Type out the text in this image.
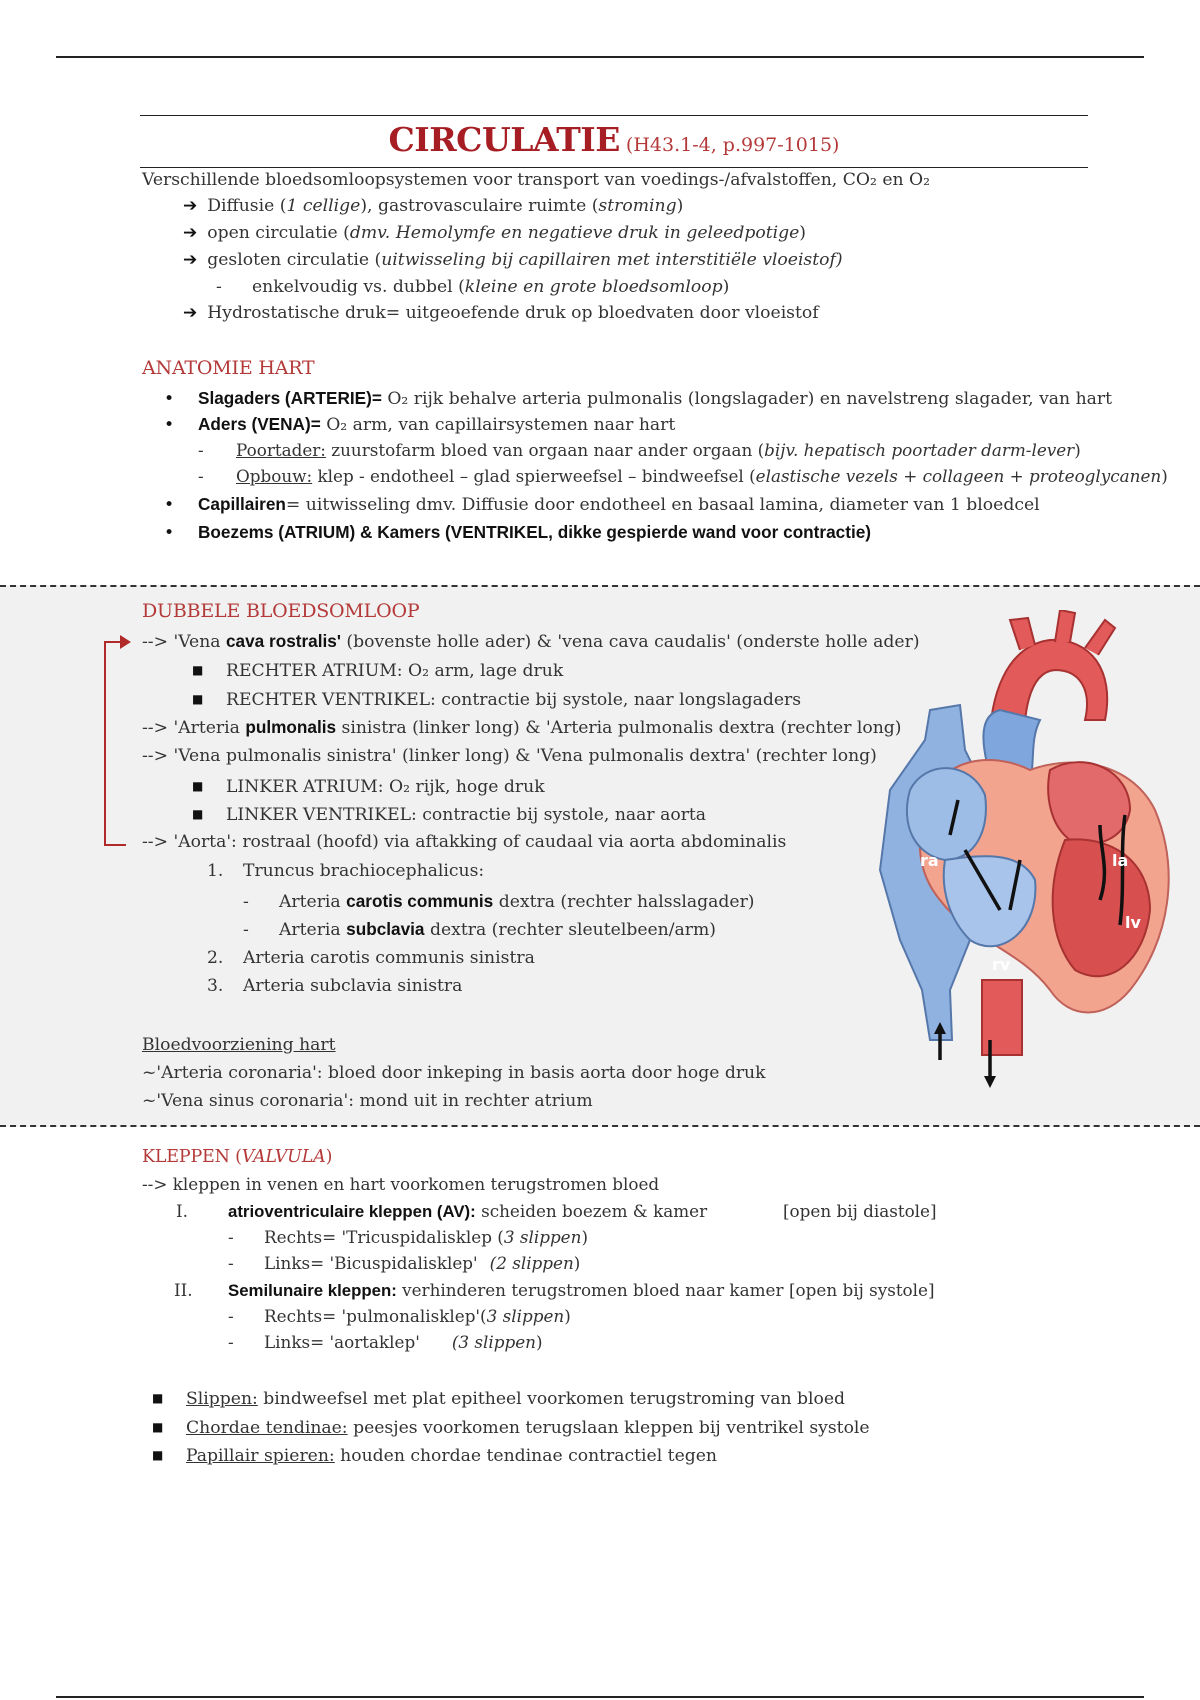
CIRCULATIE (H43.1-4, p.997-1015)
Verschillende bloedsomloopsystemen voor transport van voedings-/afvalstoffen, CO₂ en O₂
➔ Diffusie (1 cellige), gastrovasculaire ruimte (stroming)
➔ open circulatie (dmv. Hemolymfe en negatieve druk in geleedpotige)
➔ gesloten circulatie (uitwisseling bij capillairen met interstitiële vloeistof)
- enkelvoudig vs. dubbel (kleine en grote bloedsomloop)
➔ Hydrostatische druk= uitgeoefende druk op bloedvaten door vloeistof
ANATOMIE HART
• Slagaders (ARTERIE)= O₂ rijk behalve arteria pulmonalis (longslagader) en navelstreng slagader, van hart
• Aders (VENA)= O₂ arm, van capillairsystemen naar hart
- Poortader: zuurstofarm bloed van orgaan naar ander orgaan (bijv. hepatisch poortader darm-lever)
- Opbouw: klep - endotheel – glad spierweefsel – bindweefsel (elastische vezels + collageen + proteoglycanen)
• Capillairen= uitwisseling dmv. Diffusie door endotheel en basaal lamina, diameter van 1 bloedcel
• Boezems (ATRIUM) & Kamers (VENTRIKEL, dikke gespierde wand voor contractie)
DUBBELE BLOEDSOMLOOP
--> 'Vena cava rostralis' (bovenste holle ader) & 'vena cava caudalis' (onderste holle ader)
■ RECHTER ATRIUM: O₂ arm, lage druk
■ RECHTER VENTRIKEL: contractie bij systole, naar longslagaders
--> 'Arteria pulmonalis sinistra (linker long) & 'Arteria pulmonalis dextra (rechter long)
--> 'Vena pulmonalis sinistra' (linker long) & 'Vena pulmonalis dextra' (rechter long)
■ LINKER ATRIUM: O₂ rijk, hoge druk
■ LINKER VENTRIKEL: contractie bij systole, naar aorta
--> 'Aorta': rostraal (hoofd) via aftakking of caudaal via aorta abdominalis
1. Truncus brachiocephalicus:
- Arteria carotis communis dextra (rechter halsslagader)
- Arteria subclavia dextra (rechter sleutelbeen/arm)
2. Arteria carotis communis sinistra
3. Arteria subclavia sinistra
Bloedvoorziening hart
~'Arteria coronaria': bloed door inkeping in basis aorta door hoge druk
~'Vena sinus coronaria': mond uit in rechter atrium
ra	la
rv
lv
KLEPPEN (VALVULA)
--> kleppen in venen en hart voorkomen terugstromen bloed
I. atrioventriculaire kleppen (AV): scheiden boezem & kamer	[open bij diastole]
- Rechts= 'Tricuspidalisklep (3 slippen)
- Links= 'Bicuspidalisklep' (2 slippen)
II. Semilunaire kleppen: verhinderen terugstromen bloed naar kamer [open bij systole]
- Rechts= 'pulmonalisklep'(3 slippen)
- Links= 'aortaklep' (3 slippen)
■ Slippen: bindweefsel met plat epitheel voorkomen terugstroming van bloed
■ Chordae tendinae: peesjes voorkomen terugslaan kleppen bij ventrikel systole
■ Papillair spieren: houden chordae tendinae contractiel tegen
